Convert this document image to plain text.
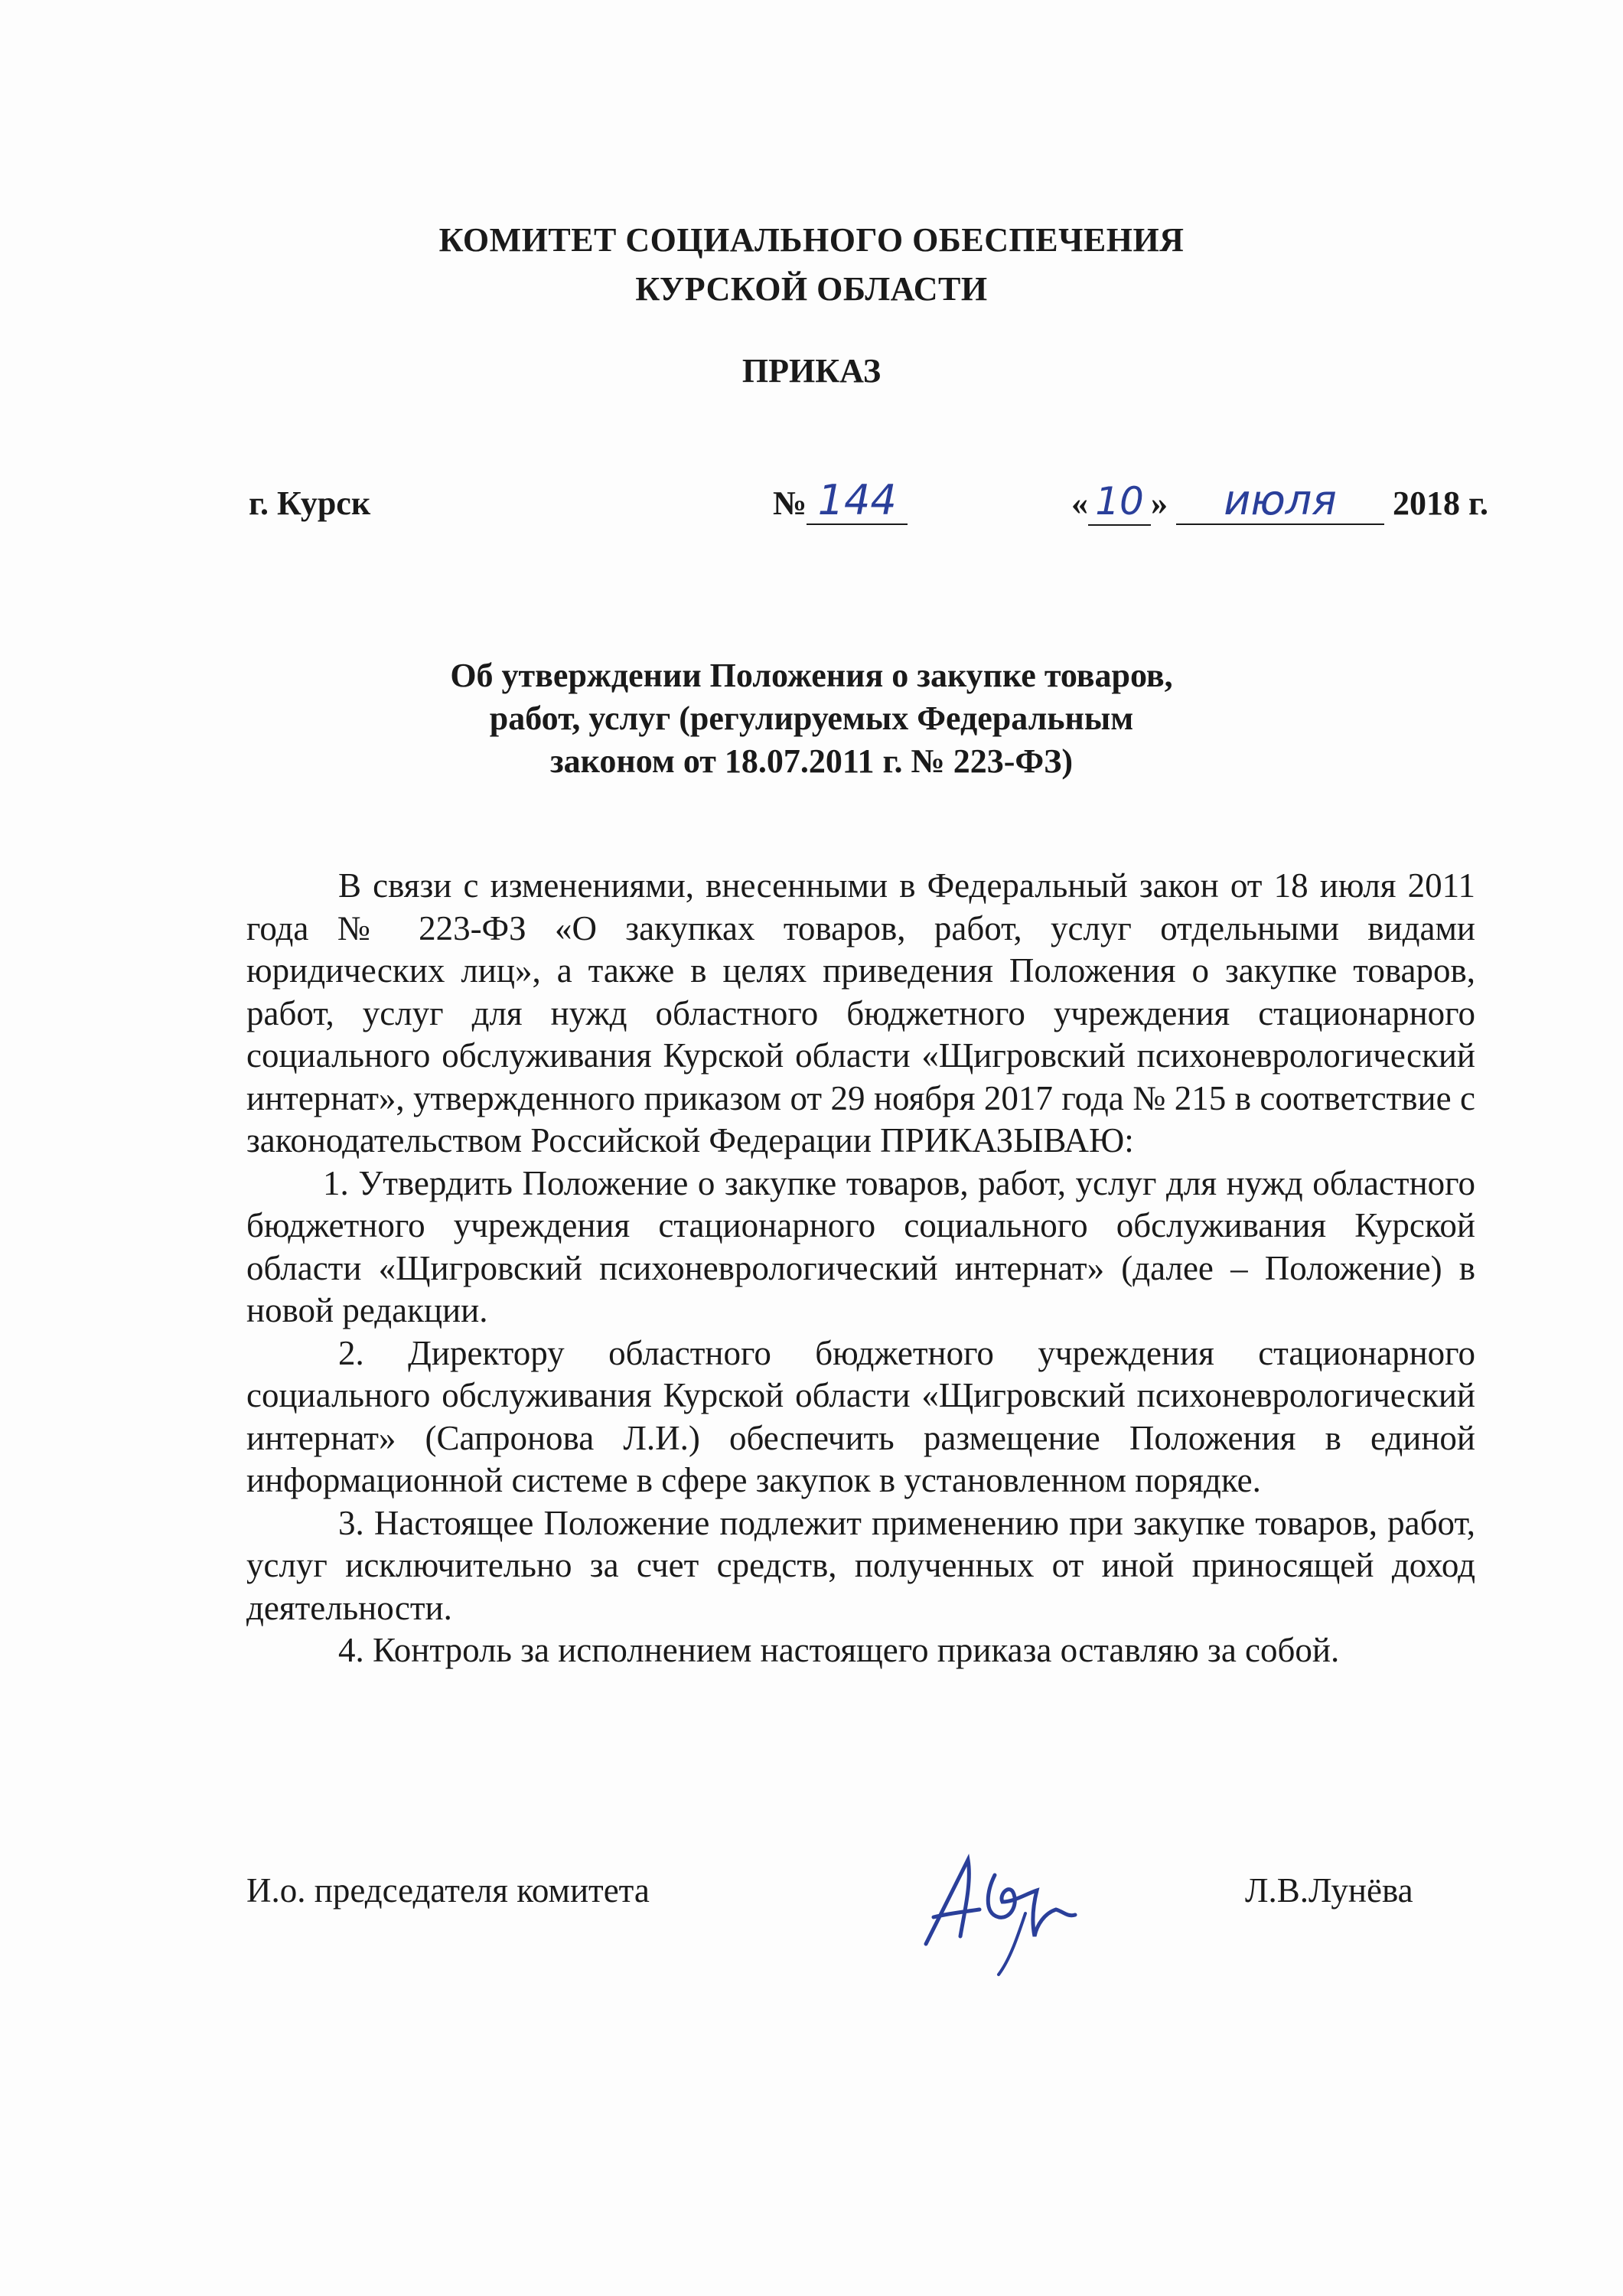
КОМИТЕТ СОЦИАЛЬНОГО ОБЕСПЕЧЕНИЯ
КУРСКОЙ ОБЛАСТИ
ПРИКАЗ
г. Курск	№ 144	« 10 » июля 2018 г.
Об утверждении Положения о закупке товаров,
работ, услуг (регулируемых Федеральным
законом от 18.07.2011 г. № 223-ФЗ)

В связи с изменениями, внесенными в Федеральный закон от 18 июля 2011 года № 223-ФЗ «О закупках товаров, работ, услуг отдельными видами юридических лиц», а также в целях приведения Положения о закупке товаров, работ, услуг для нужд областного бюджетного учреждения стационарного социального обслуживания Курской области «Щигровский психоневрологический интернат», утвержденного приказом от 29 ноября 2017 года № 215 в соответствие с законодательством Российской Федерации ПРИКАЗЫВАЮ:

1. Утвердить Положение о закупке товаров, работ, услуг для нужд областного бюджетного учреждения стационарного социального обслуживания Курской области «Щигровский психоневрологический интернат» (далее – Положение) в новой редакции.

2. Директору областного бюджетного учреждения стационарного социального обслуживания Курской области «Щигровский психоневрологический интернат» (Сапронова Л.И.) обеспечить размещение Положения в единой информационной системе в сфере закупок в установленном порядке.

3. Настоящее Положение подлежит применению при закупке товаров, работ, услуг исключительно за счет средств, полученных от иной приносящей доход деятельности.

4. Контроль за исполнением настоящего приказа оставляю за собой.

И.о. председателя комитета	Л.В.Лунёва
